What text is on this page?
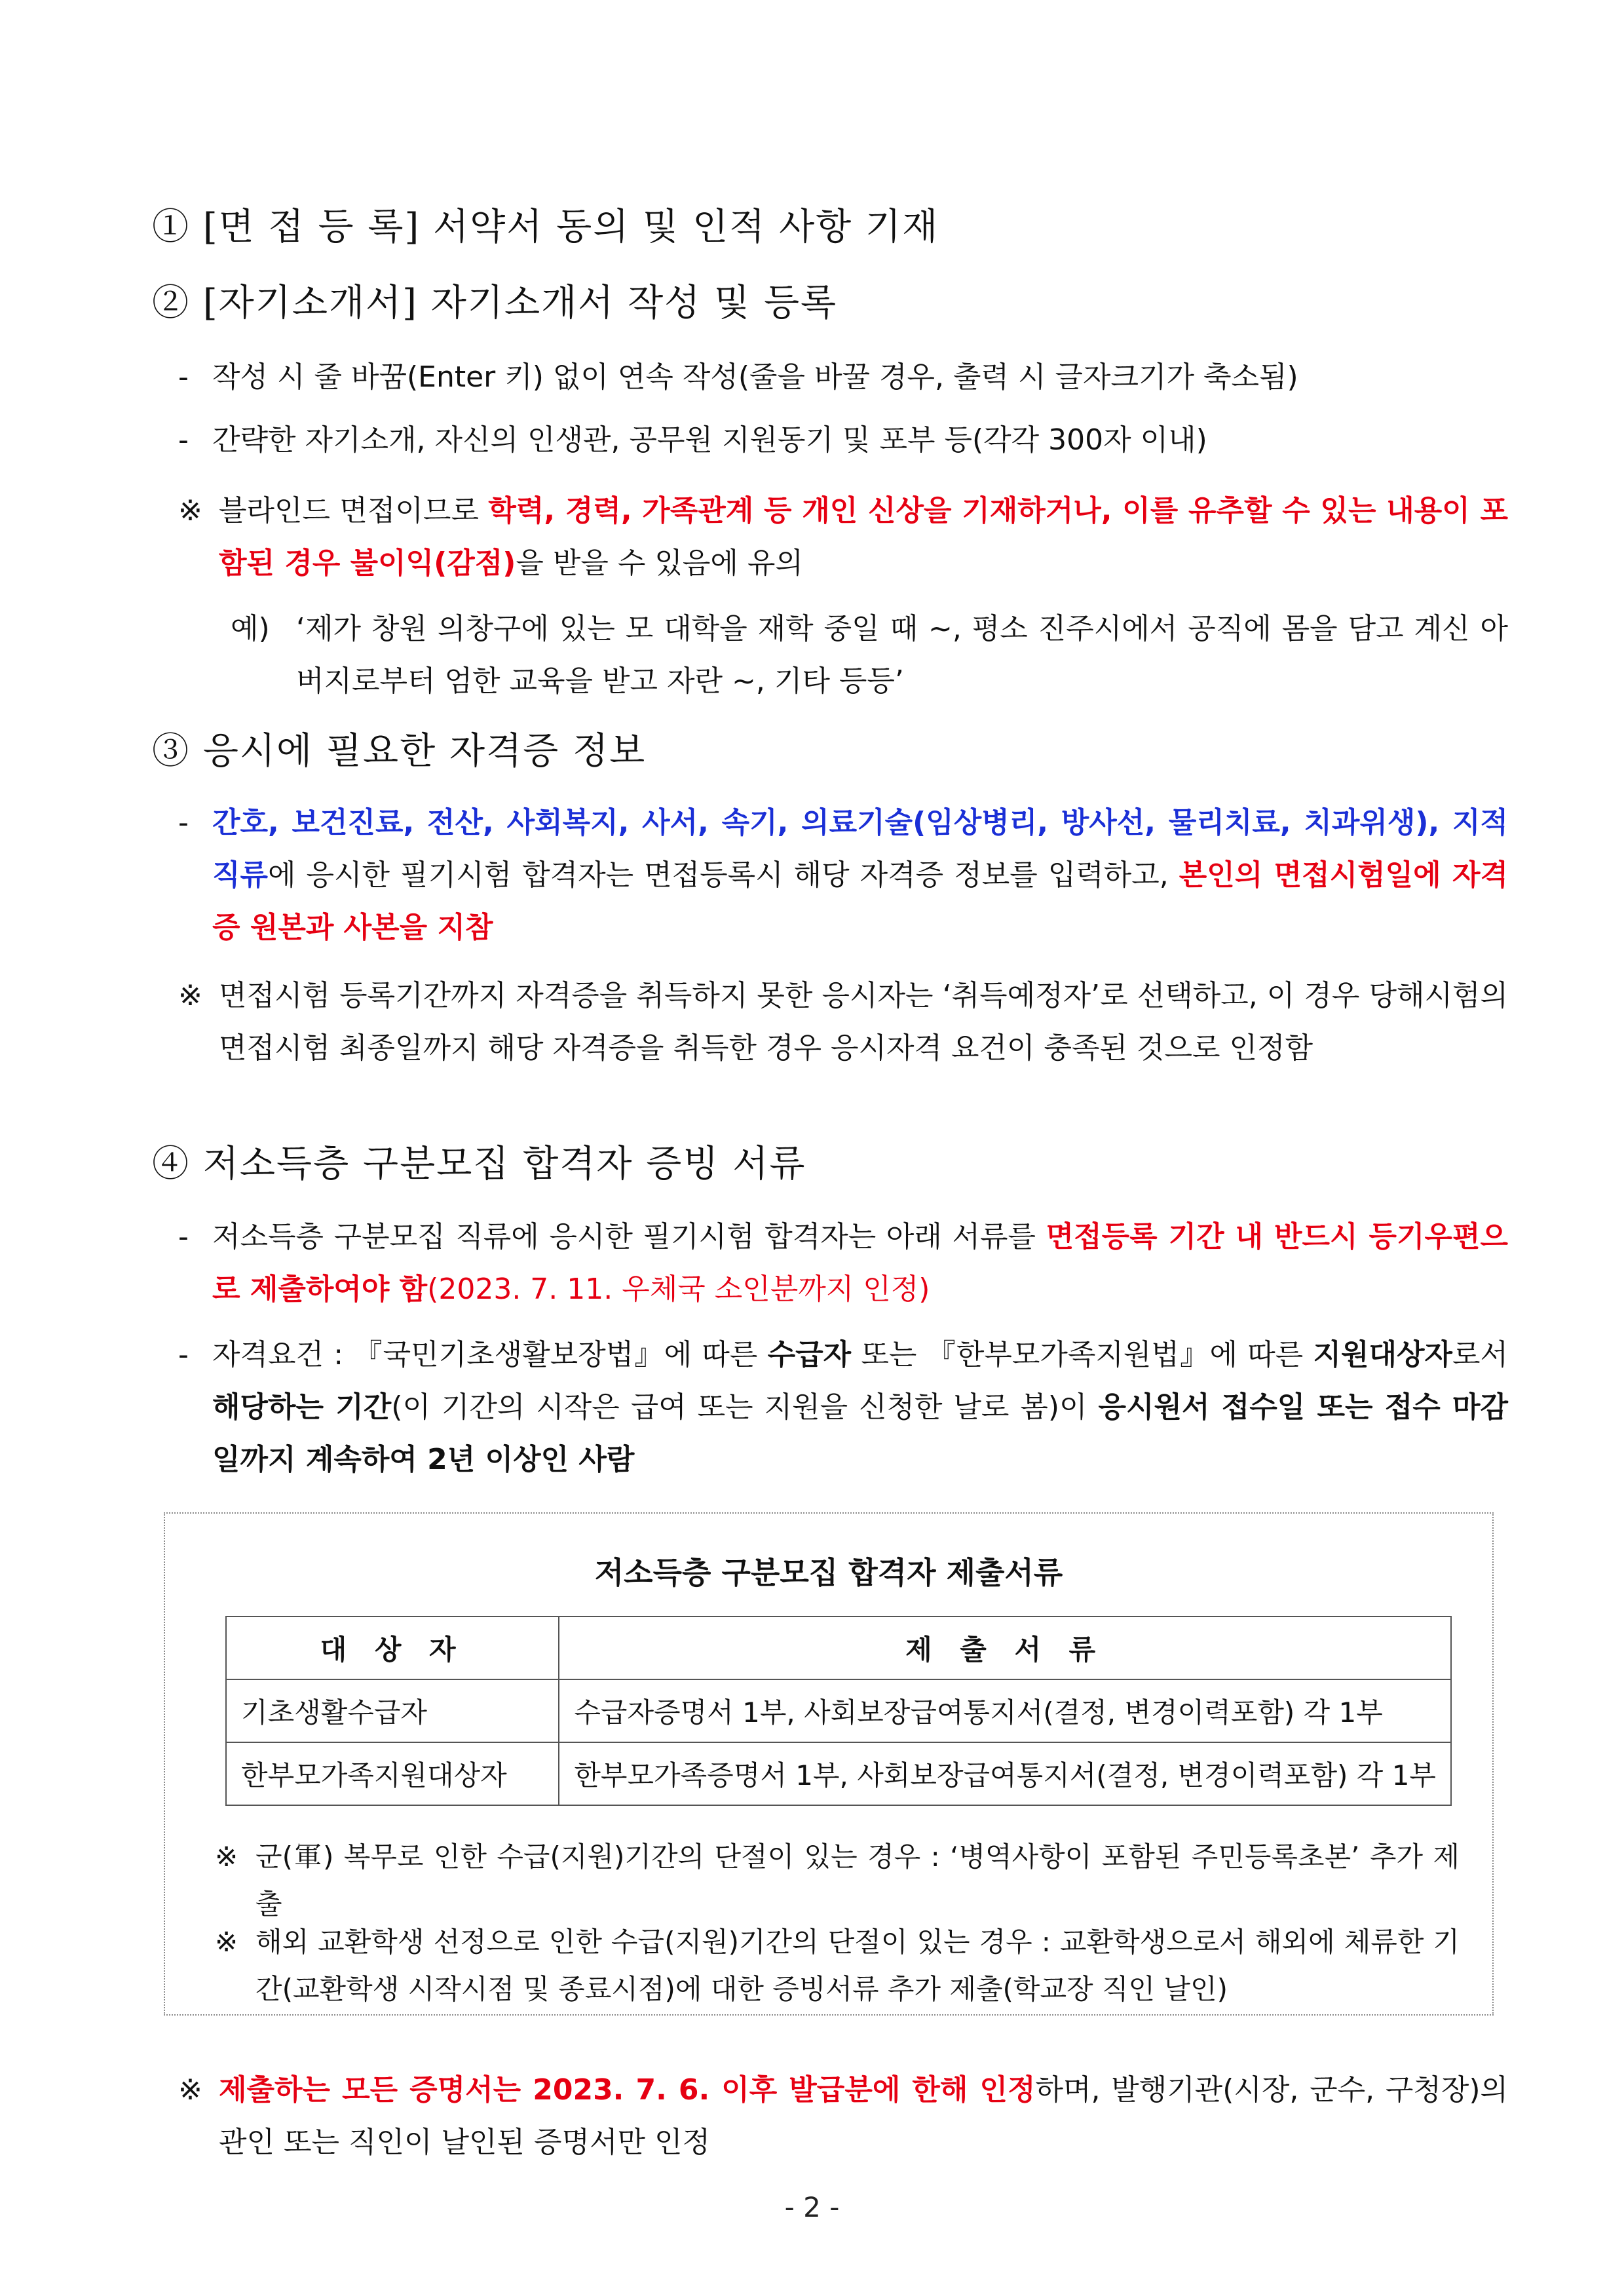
① [면 접 등 록] 서약서 동의 및 인적 사항 기재
② [자기소개서] 자기소개서 작성 및 등록
- 작성 시 줄 바꿈(Enter 키) 없이 연속 작성(줄을 바꿀 경우, 출력 시 글자크기가 축소됨)
- 간략한 자기소개, 자신의 인생관, 공무원 지원동기 및 포부 등(각각 300자 이내)
※ 블라인드 면접이므로 학력, 경력, 가족관계 등 개인 신상을 기재하거나, 이를 유추할 수 있는 내용이 포함된 경우 불이익(감점)을 받을 수 있음에 유의
예) ‘제가 창원 의창구에 있는 모 대학을 재학 중일 때 ~, 평소 진주시에서 공직에 몸을 담고 계신 아버지로부터 엄한 교육을 받고 자란 ~, 기타 등등’
③ 응시에 필요한 자격증 정보
- 간호, 보건진료, 전산, 사회복지, 사서, 속기, 의료기술(임상병리, 방사선, 물리치료, 치과위생), 지적 직류에 응시한 필기시험 합격자는 면접등록시 해당 자격증 정보를 입력하고, 본인의 면접시험일에 자격증 원본과 사본을 지참
※ 면접시험 등록기간까지 자격증을 취득하지 못한 응시자는 ‘취득예정자’로 선택하고, 이 경우 당해시험의 면접시험 최종일까지 해당 자격증을 취득한 경우 응시자격 요건이 충족된 것으로 인정함
④ 저소득층 구분모집 합격자 증빙 서류
- 저소득층 구분모집 직류에 응시한 필기시험 합격자는 아래 서류를 면접등록 기간 내 반드시 등기우편으로 제출하여야 함(2023. 7. 11. 우체국 소인분까지 인정)
- 자격요건 : 『국민기초생활보장법』에 따른 수급자 또는 『한부모가족지원법』에 따른 지원대상자로서 해당하는 기간(이 기간의 시작은 급여 또는 지원을 신청한 날로 봄)이 응시원서 접수일 또는 접수 마감일까지 계속하여 2년 이상인 사람
저소득층 구분모집 합격자 제출서류
대 상 자	제 출 서 류
기초생활수급자	수급자증명서 1부, 사회보장급여통지서(결정, 변경이력포함) 각 1부
한부모가족지원대상자	한부모가족증명서 1부, 사회보장급여통지서(결정, 변경이력포함) 각 1부
※ 군(軍) 복무로 인한 수급(지원)기간의 단절이 있는 경우 : ‘병역사항이 포함된 주민등록초본’ 추가 제출
※ 해외 교환학생 선정으로 인한 수급(지원)기간의 단절이 있는 경우 : 교환학생으로서 해외에 체류한 기간(교환학생 시작시점 및 종료시점)에 대한 증빙서류 추가 제출(학교장 직인 날인)
※ 제출하는 모든 증명서는 2023. 7. 6. 이후 발급분에 한해 인정하며, 발행기관(시장, 군수, 구청장)의 관인 또는 직인이 날인된 증명서만 인정
- 2 -
